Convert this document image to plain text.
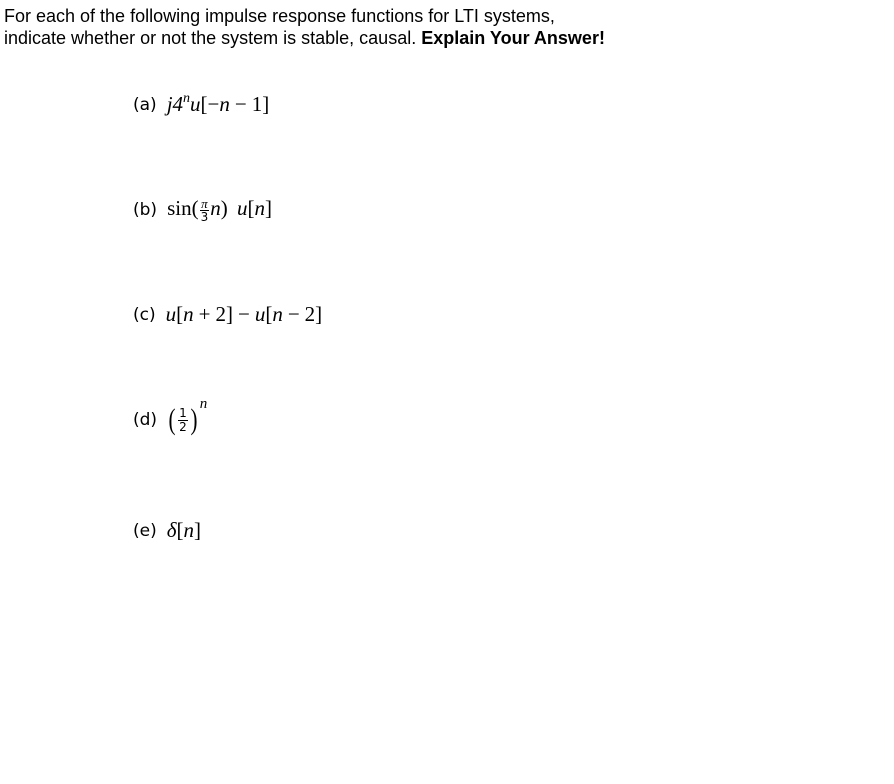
For each of the following impulse response functions for LTI systems,
indicate whether or not the system is stable, causal. Explain Your Answer!
(a) $j4^nu[-n - 1]$
(b) $\sin( \frac{\pi}{3} n)$ u[n]
(c) u[n + 2] − u[n − 2]
(d) ( $\frac{1}{2}$ ) n
(e) δ[n]
